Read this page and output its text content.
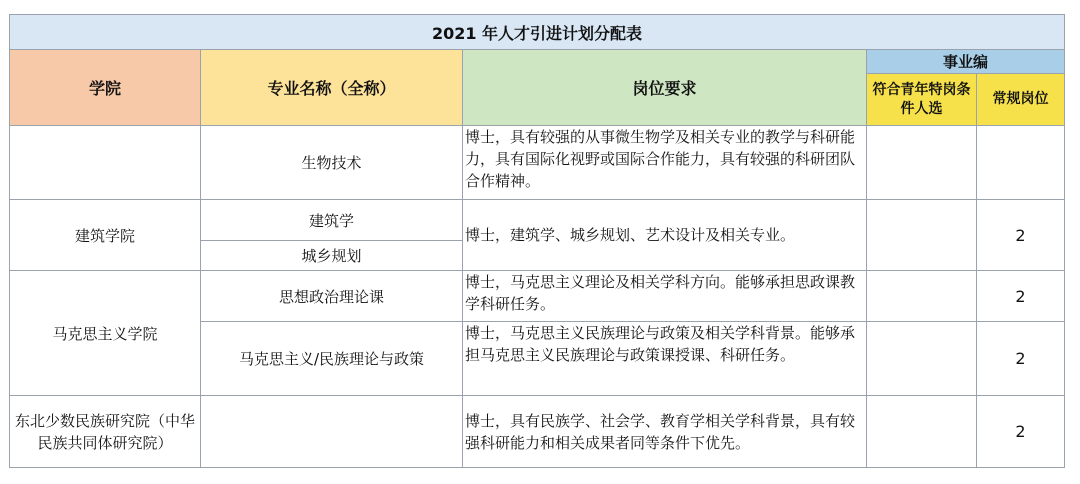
2021 年人才引进计划分配表				
学院	专业名称（全称）	岗位要求	事业编	
			符合青年特岗条件人选	常规岗位
	生物技术	博士，具有较强的从事微生物学及相关专业的教学与科研能力，具有国际化视野或国际合作能力，具有较强的科研团队合作精神。		
建筑学院	建筑学	博士，建筑学、城乡规划、艺术设计及相关专业。		2
	城乡规划			
马克思主义学院	思想政治理论课	博士，马克思主义理论及相关学科方向。能够承担思政课教学科研任务。		2
	马克思主义/民族理论与政策	博士，马克思主义民族理论与政策及相关学科背景。能够承担马克思主义民族理论与政策课授课、科研任务。		2
东北少数民族研究院（中华民族共同体研究院）		博士，具有民族学、社会学、教育学相关学科背景，具有较强科研能力和相关成果者同等条件下优先。		2
